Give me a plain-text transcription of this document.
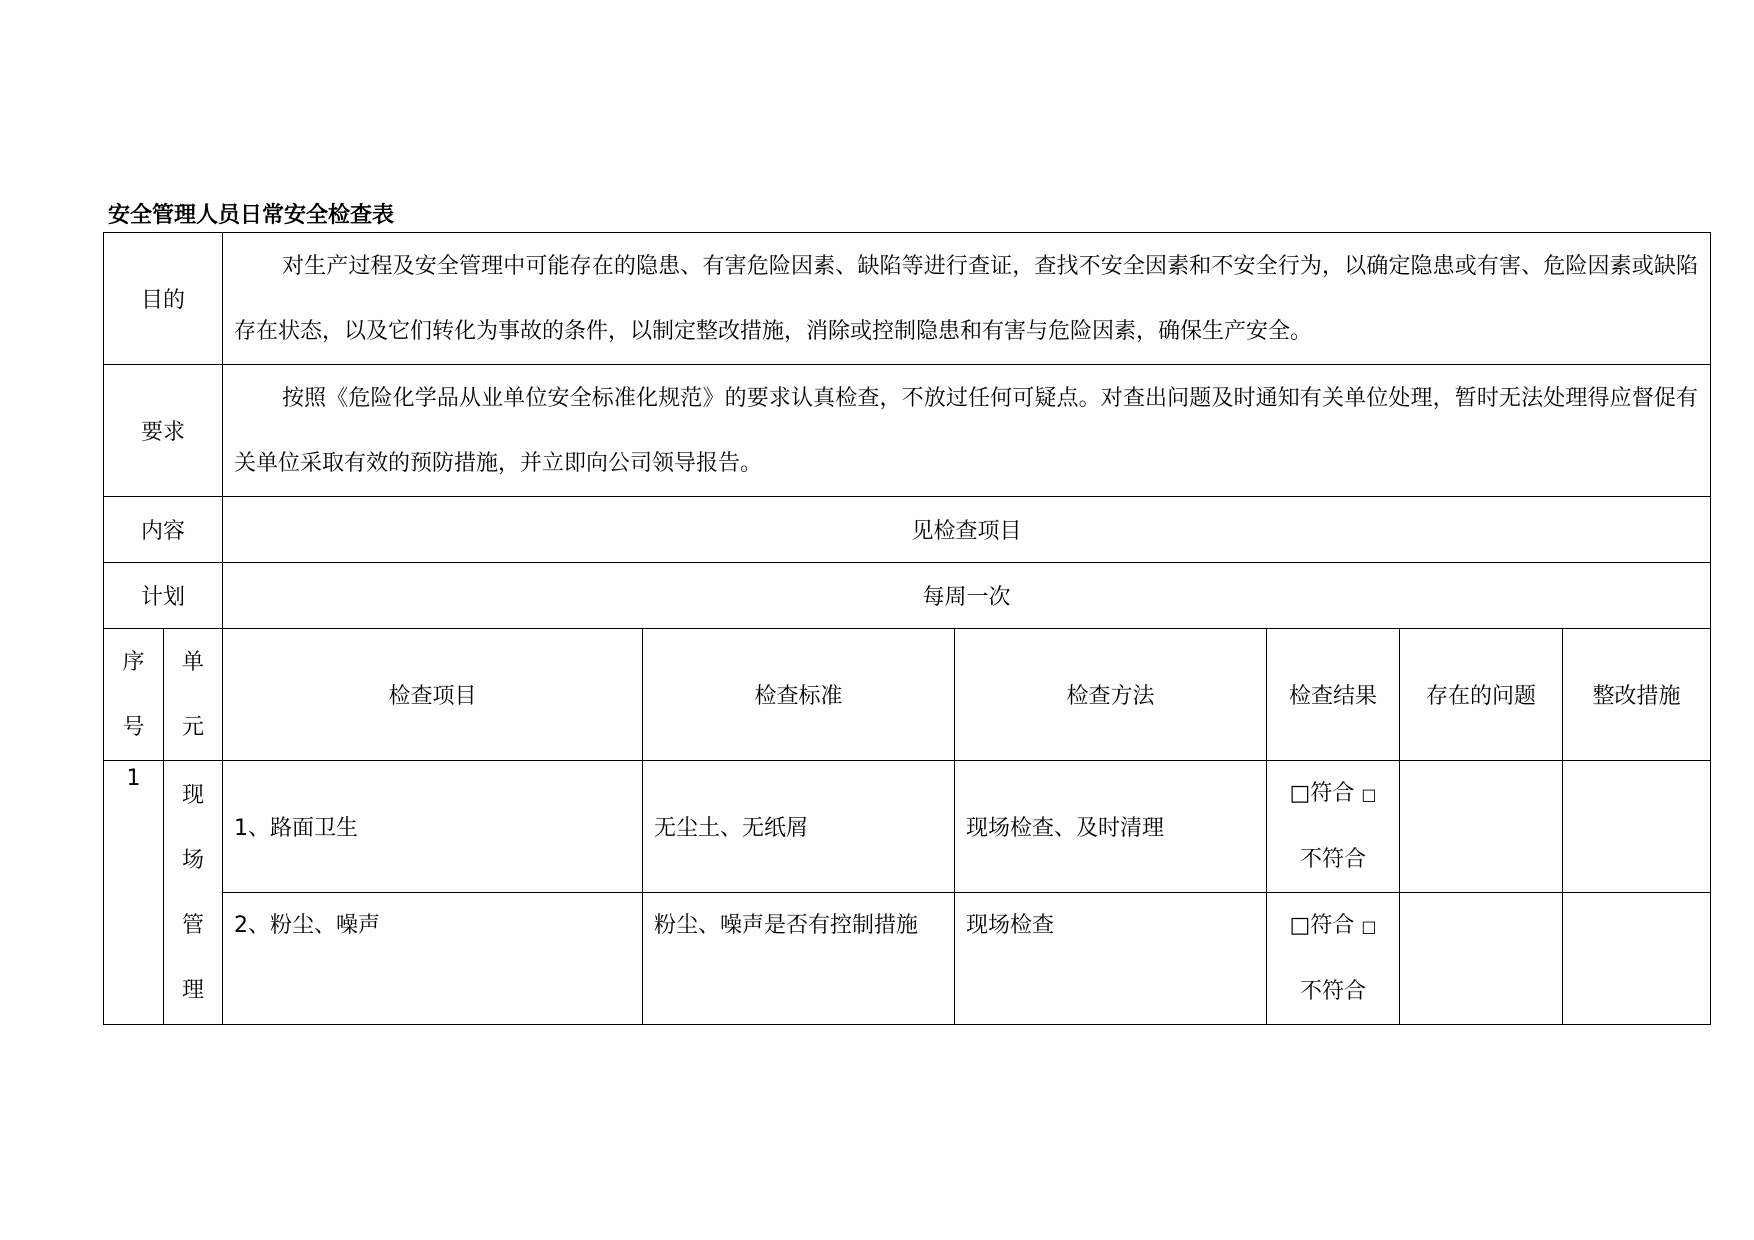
安全管理人员日常安全检查表
目的		对生产过程及安全管理中可能存在的隐患、有害危险因素、缺陷等进行查证，查找不安全因素和不安全行为，以确定隐患或有害、危险因素或缺陷存在状态，以及它们转化为事故的条件，以制定整改措施，消除或控制隐患和有害与危险因素，确保生产安全。					
要求		按照《危险化学品从业单位安全标准化规范》的要求认真检查，不放过任何可疑点。对查出问题及时通知有关单位处理，暂时无法处理得应督促有关单位采取有效的预防措施，并立即向公司领导报告。					
内容		见检查项目					
计划		每周一次					

序号	单元	检查项目	检查标准	检查方法	检查结果	存在的问题	整改措施
1	现场管理	1、路面卫生	无尘土、无纸屑	现场检查、及时清理	□符合 □
不符合		

		2、粉尘、噪声	粉尘、噪声是否有控制措施	现场检查	□符合 □
不符合		
